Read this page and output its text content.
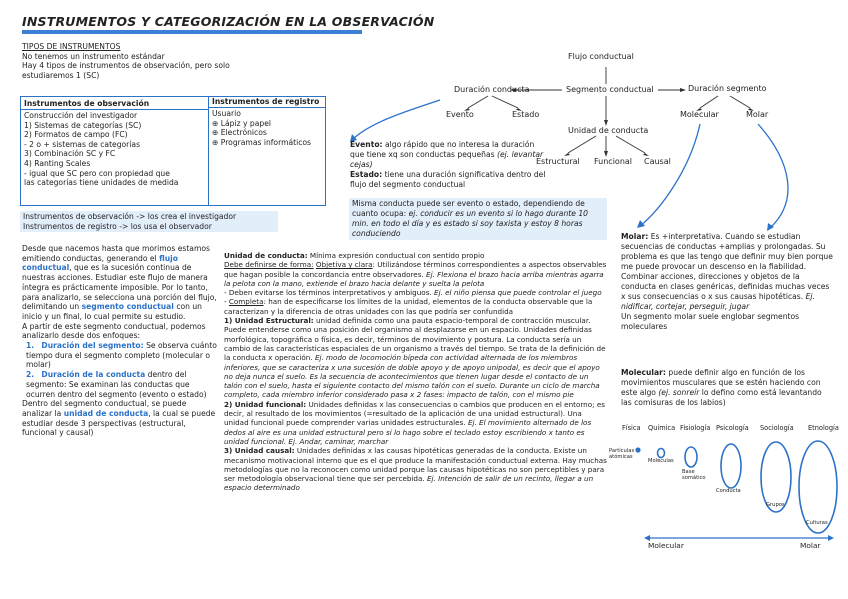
INSTRUMENTOS Y CATEGORIZACIÓN EN LA OBSERVACIÓN
TIPOS DE INSTRUMENTOS
No tenemos un instrumento estándar
Hay 4 tipos de instrumentos de observación, pero solo
estudiaremos 1 (SC)
Instrumentos de observación	Instrumentos de registro
Construcción del investigador
1) Sistemas de categorías (SC)
2) Formatos de campo (FC)
- 2 o + sistemas de categorías
3) Combinación SC y FC
4) Ranting Scales
- igual que SC pero con propiedad que
las categorías tiene unidades de medida
Usuario
⊕ Lápiz y papel
⊕ Electrónicos
⊕ Programas informáticos
Instrumentos de observación -> los crea el investigador
Instrumentos de registro -> los usa el observador
Desde que nacemos hasta que morimos estamos emitiendo conductas, generando el flujo conductual, que es la sucesión continua de nuestras acciones. Estudiar este flujo de manera íntegra es prácticamente imposible. Por lo tanto, para analizarlo, se selecciona una porción del flujo, delimitando un segmento conductual con un inicio y un final, lo cual permite su estudio.
A partir de este segmento conductual, podemos analizarlo desde dos enfoques:
1. Duración del segmento: Se observa cuánto tiempo dura el segmento completo (molecular o molar)
2. Duración de la conducta dentro del segmento: Se examinan las conductas que ocurren dentro del segmento (evento o estado)
Dentro del segmento conductual, se puede analizar la unidad de conducta, la cual se puede estudiar desde 3 perspectivas (estructural, funcional y causal)
Flujo conductual
Segmento conductual
Duración conducta
Evento	Estado
Duración segmento
Molecular	Molar
Unidad de conducta
Estructural Funcional Causal
Evento: algo rápido que no interesa la duración que tiene xq son conductas pequeñas (ej. levantar cejas)
Estado: tiene una duración significativa dentro del flujo del segmento conductual
Misma conducta puede ser evento o estado, dependiendo de cuanto ocupa: ej. conducir es un evento si lo hago durante 10 min. en todo el día y es estado si soy taxista y estoy 8 horas conduciendo
Unidad de conducta: Mínima expresión conductual con sentido propio
Debe definirse de forma: Objetiva y clara: Utilizándose términos correspondientes a aspectos observables que hagan posible la concordancia entre observadores. Ej. Flexiona el brazo hacia arriba mientras agarra la pelota con la mano, extiende el brazo hacia delante y suelta la pelota
- Deben evitarse los términos interpretativos y ambiguos. Ej. el niño piensa que puede controlar el juego
- Completa: han de especificarse los límites de la unidad, elementos de la conducta observable que la caracterizan y la diferencia de otras unidades con las que podría ser confundida
1) Unidad Estructural: unidad definida como una pauta espacio-temporal de contracción muscular. Puede entenderse como una posición del organismo al desplazarse en un espacio. Unidades definidas morfológica, topográfica o física, es decir, términos de movimiento y postura. La conducta sería un cambio de las características espaciales de un organismo a través del tiempo. Se trata de la definición de la conducta x operación. Ej. modo de locomoción bípeda con actividad alternada de los miembros inferiores, que se caracteriza x una sucesión de doble apoyo y de apoyo unipodal, es decir que el apoyo no deja nunca el suelo. Es la secuencia de acontecimientos que tienen lugar desde el contacto de un talón con el suelo, hasta el siguiente contacto del mismo talón con el suelo. Durante un ciclo de marcha completo, cada miembro inferior considerado pasa x 2 fases: impacto de talón, con el mismo pie
2) Unidad funcional: Unidades definidas x las consecuencias o cambios que producen en el entorno; es decir, al resultado de los movimientos (=resultado de la aplicación de una unidad estructural). Una unidad funcional puede comprender varias unidades estructurales. Ej. El movimiento alternado de los dedos al aire es una unidad estructural pero si lo hago sobre el teclado estoy escribiendo x tanto es unidad funcional. Ej. Andar, caminar, marchar
3) Unidad causal: Unidades definidas x las causas hipotéticas generadas de la conducta. Existe un mecanismo motivacional interno que es el que produce la manifestación conductual externa. Hay muchas metodologías que no la reconocen como unidad porque las causas hipotéticas no son perceptibles y para ser metodología observacional tiene que ser percebida. Ej. Intención de salir de un recinto, llegar a un espacio determinado
Molar: Es +interpretativa. Cuando se estudian secuencias de conductas +amplias y prolongadas. Su problema es que las tengo que definir muy bien porque me puede provocar un descenso en la fiabilidad. Combinar acciones, direcciones y objetos de la conducta en clases genéricas, definidas muchas veces x sus consecuencias o x sus causas hipotéticas. Ej. nidificar, cortejar, perseguir, jugar
Un segmento molar suele englobar segmentos moleculares
Molecular: puede definir algo en función de los movimientos musculares que se estén haciendo con este algo (ej. sonreír lo defino como está levantando las comisuras de los labios)
Física Química Fisiología Psicología Sociología Etnología
Partículas atómicas
Moléculas
Base somático
Conducta
Grupos
Culturas
Molecular	Molar
